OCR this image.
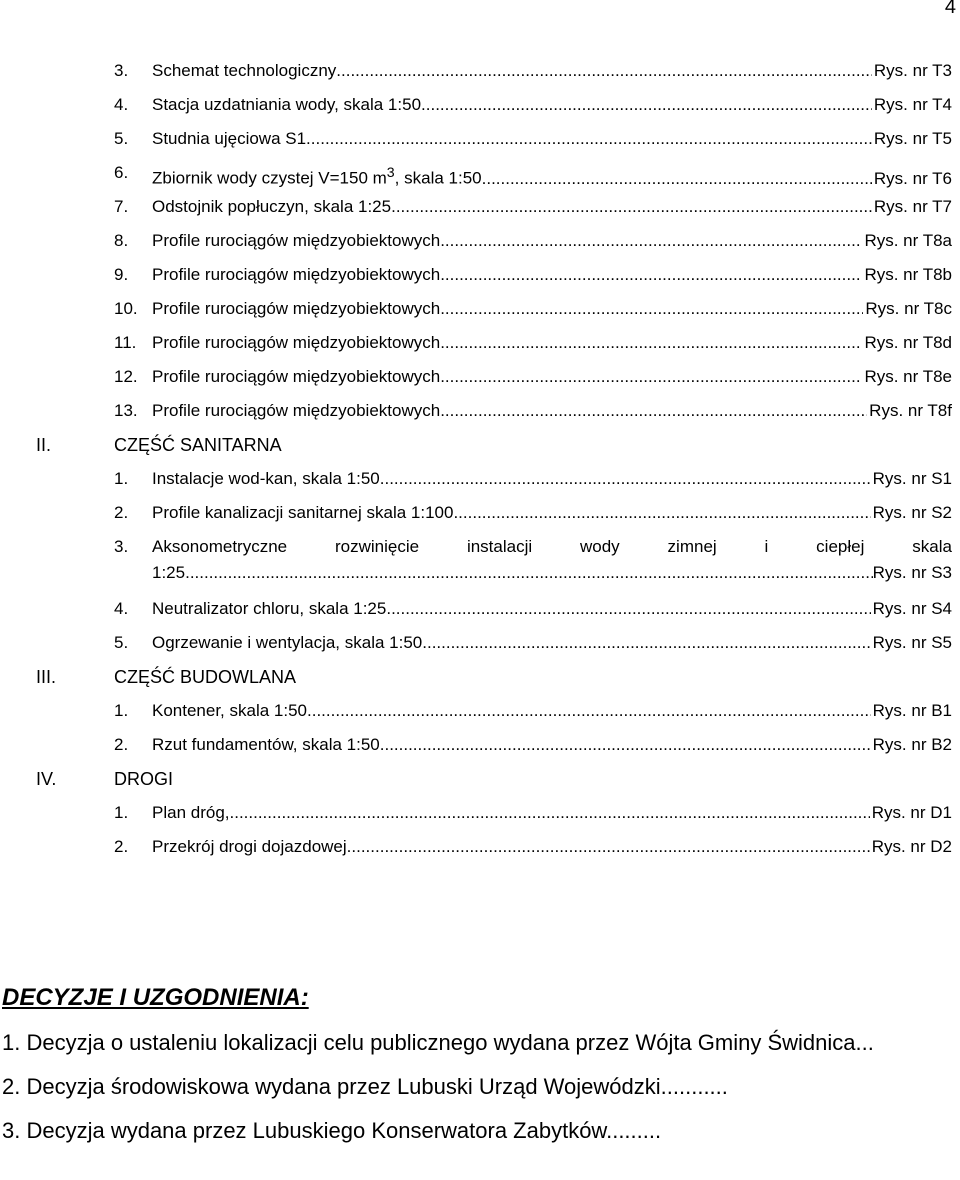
4
3. Schemat technologiczny .....	Rys. nr T3
4. Stacja uzdatniania wody, skala 1:50 .....	Rys. nr T4
5. Studnia ujęciowa S1 .....	Rys. nr T5
6. Zbiornik wody czystej V=150 $m^3$, skala 1:50 .....	Rys. nr T6
7. Odstojnik popłuczyn, skala 1:25 .....	Rys. nr T7
8. Profile rurociągów międzyobiektowych .....	Rys. nr T8a
9. Profile rurociągów międzyobiektowych .....	Rys. nr T8b
10. Profile rurociągów międzyobiektowych .....	Rys. nr T8c
11. Profile rurociągów międzyobiektowych .....	Rys. nr T8d
12. Profile rurociągów międzyobiektowych .....	Rys. nr T8e
13. Profile rurociągów międzyobiektowych .....	Rys. nr T8f
II.	CZĘŚĆ SANITARNA
1. Instalacje wod-kan, skala 1:50 .....	Rys. nr S1
2. Profile kanalizacji sanitarnej skala 1:100 .....	Rys. nr S2
3. Aksonometryczne	rozwinięcie	instalacji	wody	zimnej	i	ciepłej	skala
1:25 .....	Rys. nr S3
4. Neutralizator chloru, skala 1:25 .....	Rys. nr S4
5. Ogrzewanie i wentylacja, skala 1:50 .....	Rys. nr S5
III.	CZĘŚĆ BUDOWLANA
1. Kontener, skala 1:50 .....	Rys. nr B1
2. Rzut fundamentów, skala 1:50 .....	Rys. nr B2
IV.	DROGI
1. Plan dróg, .....	Rys. nr D1
2. Przekrój drogi dojazdowej .....	Rys. nr D2
DECYZJE I UZGODNIENIA:
1. Decyzja o ustaleniu lokalizacji celu publicznego wydana przez Wójta Gminy Świdnica...
2. Decyzja środowiskowa wydana przez Lubuski Urząd Wojewódzki...........
3. Decyzja wydana przez Lubuskiego Konserwatora Zabytków.........
